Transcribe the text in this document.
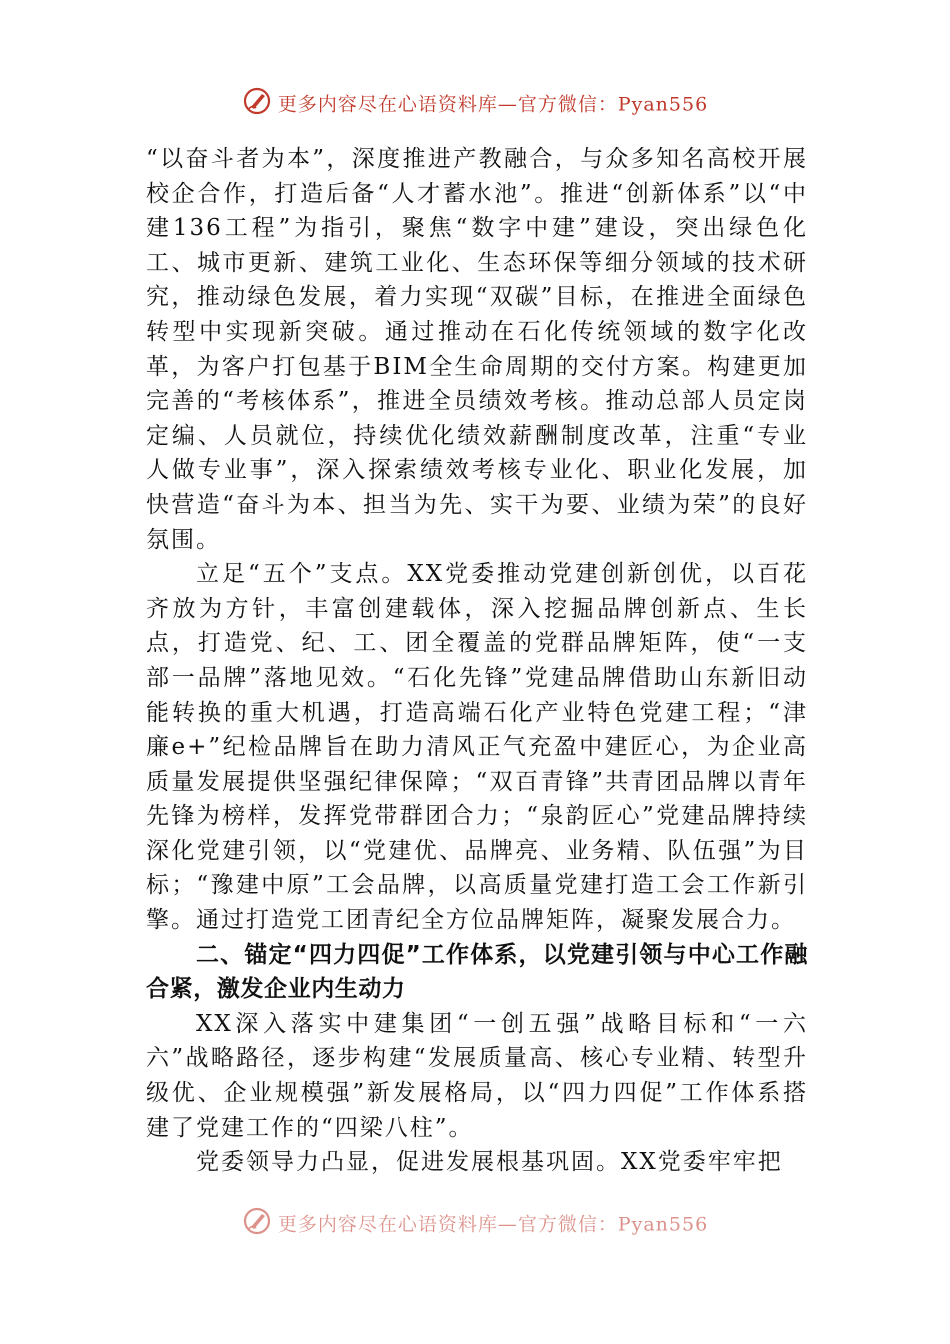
更多内容尽在心语资料库—官方微信：Pyan556

“以奋斗者为本”，深度推进产教融合，与众多知名高校开展校企合作，打造后备“人才蓄水池”。推进“创新体系”以“中建136工程”为指引，聚焦“数字中建”建设，突出绿色化工、城市更新、建筑工业化、生态环保等细分领域的技术研究，推动绿色发展，着力实现“双碳”目标，在推进全面绿色转型中实现新突破。通过推动在石化传统领域的数字化改革，为客户打包基于BIM全生命周期的交付方案。构建更加完善的“考核体系”，推进全员绩效考核。推动总部人员定岗定编、人员就位，持续优化绩效薪酬制度改革，注重“专业人做专业事”，深入探索绩效考核专业化、职业化发展，加快营造“奋斗为本、担当为先、实干为要、业绩为荣”的良好氛围。

立足“五个”支点。XX党委推动党建创新创优，以百花齐放为方针，丰富创建载体，深入挖掘品牌创新点、生长点，打造党、纪、工、团全覆盖的党群品牌矩阵，使“一支部一品牌”落地见效。“石化先锋”党建品牌借助山东新旧动能转换的重大机遇，打造高端石化产业特色党建工程；“津廉e+”纪检品牌旨在助力清风正气充盈中建匠心，为企业高质量发展提供坚强纪律保障；“双百青锋”共青团品牌以青年先锋为榜样，发挥党带群团合力；“泉韵匠心”党建品牌持续深化党建引领，以“党建优、品牌亮、业务精、队伍强”为目标；“豫建中原”工会品牌，以高质量党建打造工会工作新引擎。通过打造党工团青纪全方位品牌矩阵，凝聚发展合力。

二、锚定“四力四促”工作体系，以党建引领与中心工作融合紧，激发企业内生动力

XX深入落实中建集团“一创五强”战略目标和“一六六”战略路径，逐步构建“发展质量高、核心专业精、转型升级优、企业规模强”新发展格局，以“四力四促”工作体系搭建了党建工作的“四梁八柱”。

党委领导力凸显，促进发展根基巩固。XX党委牢牢把

更多内容尽在心语资料库—官方微信：Pyan556
